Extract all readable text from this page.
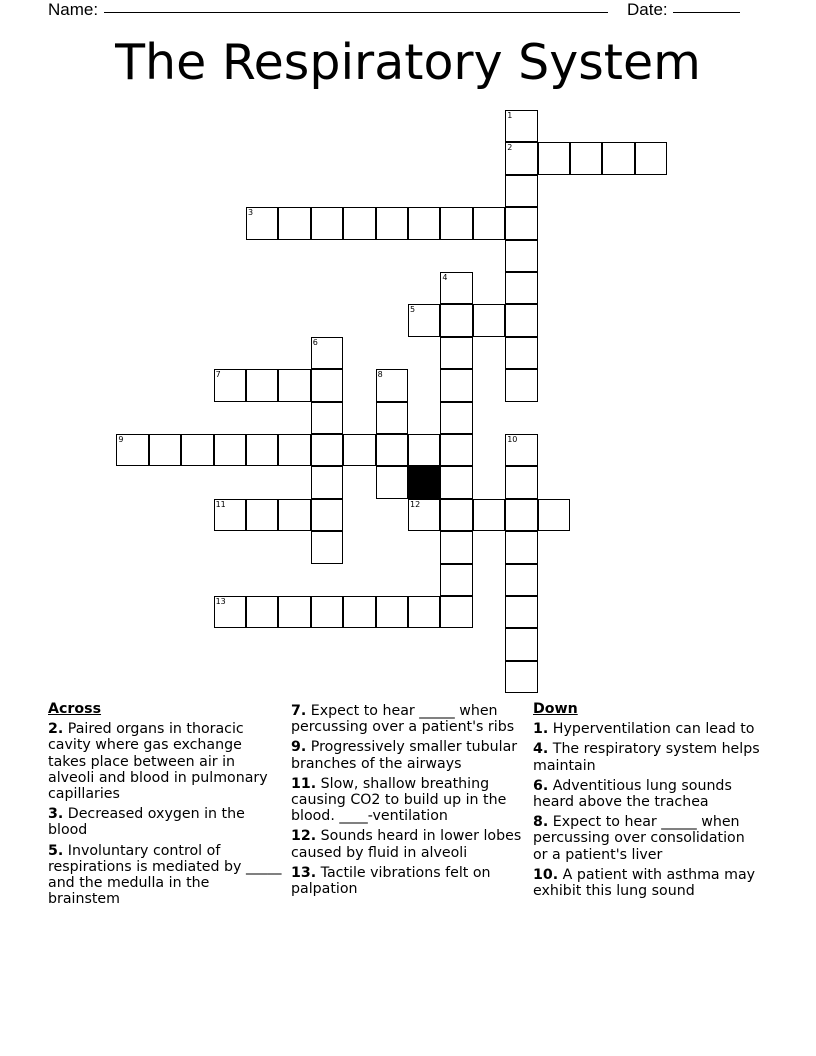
Name:	Date:
The Respiratory System
1
2
3
4
5
6
7	8
9	10
11	12
13
Across
2. Paired organs in thoracic cavity where gas exchange takes place between air in alveoli and blood in pulmonary capillaries
3. Decreased oxygen in the blood
5. Involuntary control of respirations is mediated by _____ and the medulla in the brainstem
7. Expect to hear _____ when percussing over a patient's ribs
9. Progressively smaller tubular branches of the airways
11. Slow, shallow breathing causing CO2 to build up in the blood. ____-ventilation
12. Sounds heard in lower lobes caused by fluid in alveoli
13. Tactile vibrations felt on palpation
Down
1. Hyperventilation can lead to
4. The respiratory system helps maintain
6. Adventitious lung sounds heard above the trachea
8. Expect to hear _____ when percussing over consolidation or a patient's liver
10. A patient with asthma may exhibit this lung sound
